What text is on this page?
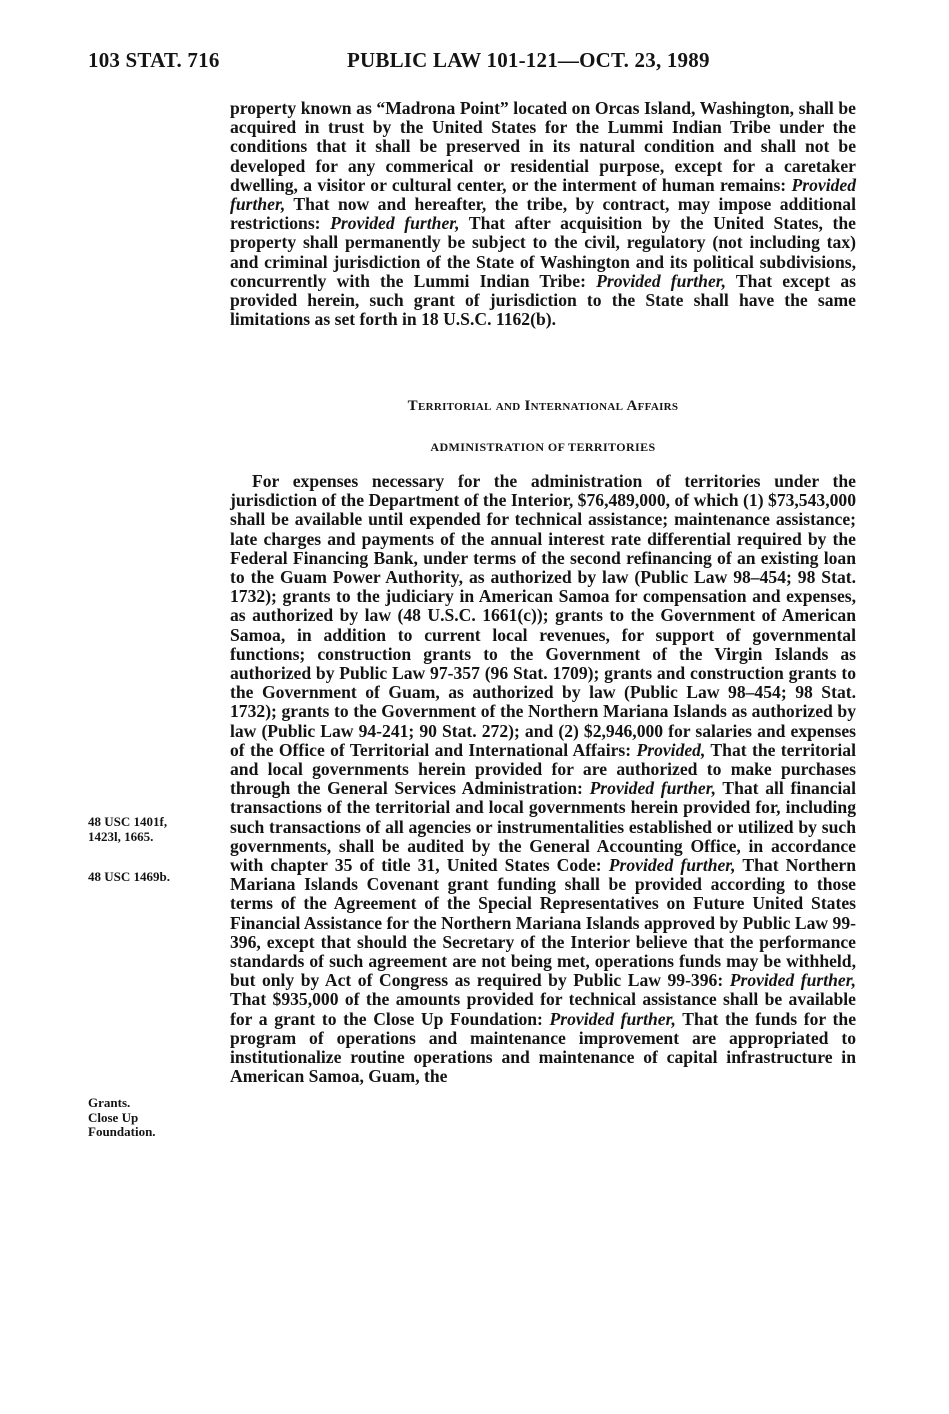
103 STAT. 716	PUBLIC LAW 101-121—OCT. 23, 1989

property known as “Madrona Point” located on Orcas Island, Washington, shall be acquired in trust by the United States for the Lummi Indian Tribe under the conditions that it shall be preserved in its natural condition and shall not be developed for any commerical or residential purpose, except for a caretaker dwelling, a visitor or cultural center, or the interment of human remains: Provided further, That now and hereafter, the tribe, by contract, may impose additional restrictions: Provided further, That after acquisition by the United States, the property shall permanently be subject to the civil, regulatory (not including tax) and criminal jurisdiction of the State of Washington and its political subdivisions, concurrently with the Lummi Indian Tribe: Provided further, That except as provided herein, such grant of jurisdiction to the State shall have the same limitations as set forth in 18 U.S.C. 1162(b).

Territorial and International Affairs
ADMINISTRATION OF TERRITORIES

For expenses necessary for the administration of territories under the jurisdiction of the Department of the Interior, $76,489,000, of which (1) $73,543,000 shall be available until expended for technical assistance; maintenance assistance; late charges and payments of the annual interest rate differential required by the Federal Financing Bank, under terms of the second refinancing of an existing loan to the Guam Power Authority, as authorized by law (Public Law 98–454; 98 Stat. 1732); grants to the judiciary in American Samoa for compensation and expenses, as authorized by law (48 U.S.C. 1661(c)); grants to the Government of American Samoa, in addition to current local revenues, for support of governmental functions; construction grants to the Government of the Virgin Islands as authorized by Public Law 97-357 (96 Stat. 1709); grants and construction grants to the Government of Guam, as authorized by law (Public Law 98–454; 98 Stat. 1732); grants to the Government of the Northern Mariana Islands as authorized by law (Public Law 94-241; 90 Stat. 272); and (2) $2,946,000 for salaries and expenses of the Office of Territorial and International Affairs: Provided, That the territorial and local governments herein provided for are authorized to make purchases through the General Services Administration: Provided further, That all financial transactions of the territorial and local governments herein provided for, including such transactions of all agencies or instrumentalities established or utilized by such governments, shall be audited by the General Accounting Office, in accordance with chapter 35 of title 31, United States Code: Provided further, That Northern Mariana Islands Covenant grant funding shall be provided according to those terms of the Agreement of the Special Representatives on Future United States Financial Assistance for the Northern Mariana Islands approved by Public Law 99-396, except that should the Secretary of the Interior believe that the performance standards of such agreement are not being met, operations funds may be withheld, but only by Act of Congress as required by Public Law 99-396: Provided further, That $935,000 of the amounts provided for technical assistance shall be available for a grant to the Close Up Foundation: Provided further, That the funds for the program of operations and maintenance improvement are appropriated to institutionalize routine operations and maintenance of capital infrastructure in American Samoa, Guam, the

48 USC 1401f,
1423l, 1665.
48 USC 1469b.
Grants.
Close Up
Foundation.
